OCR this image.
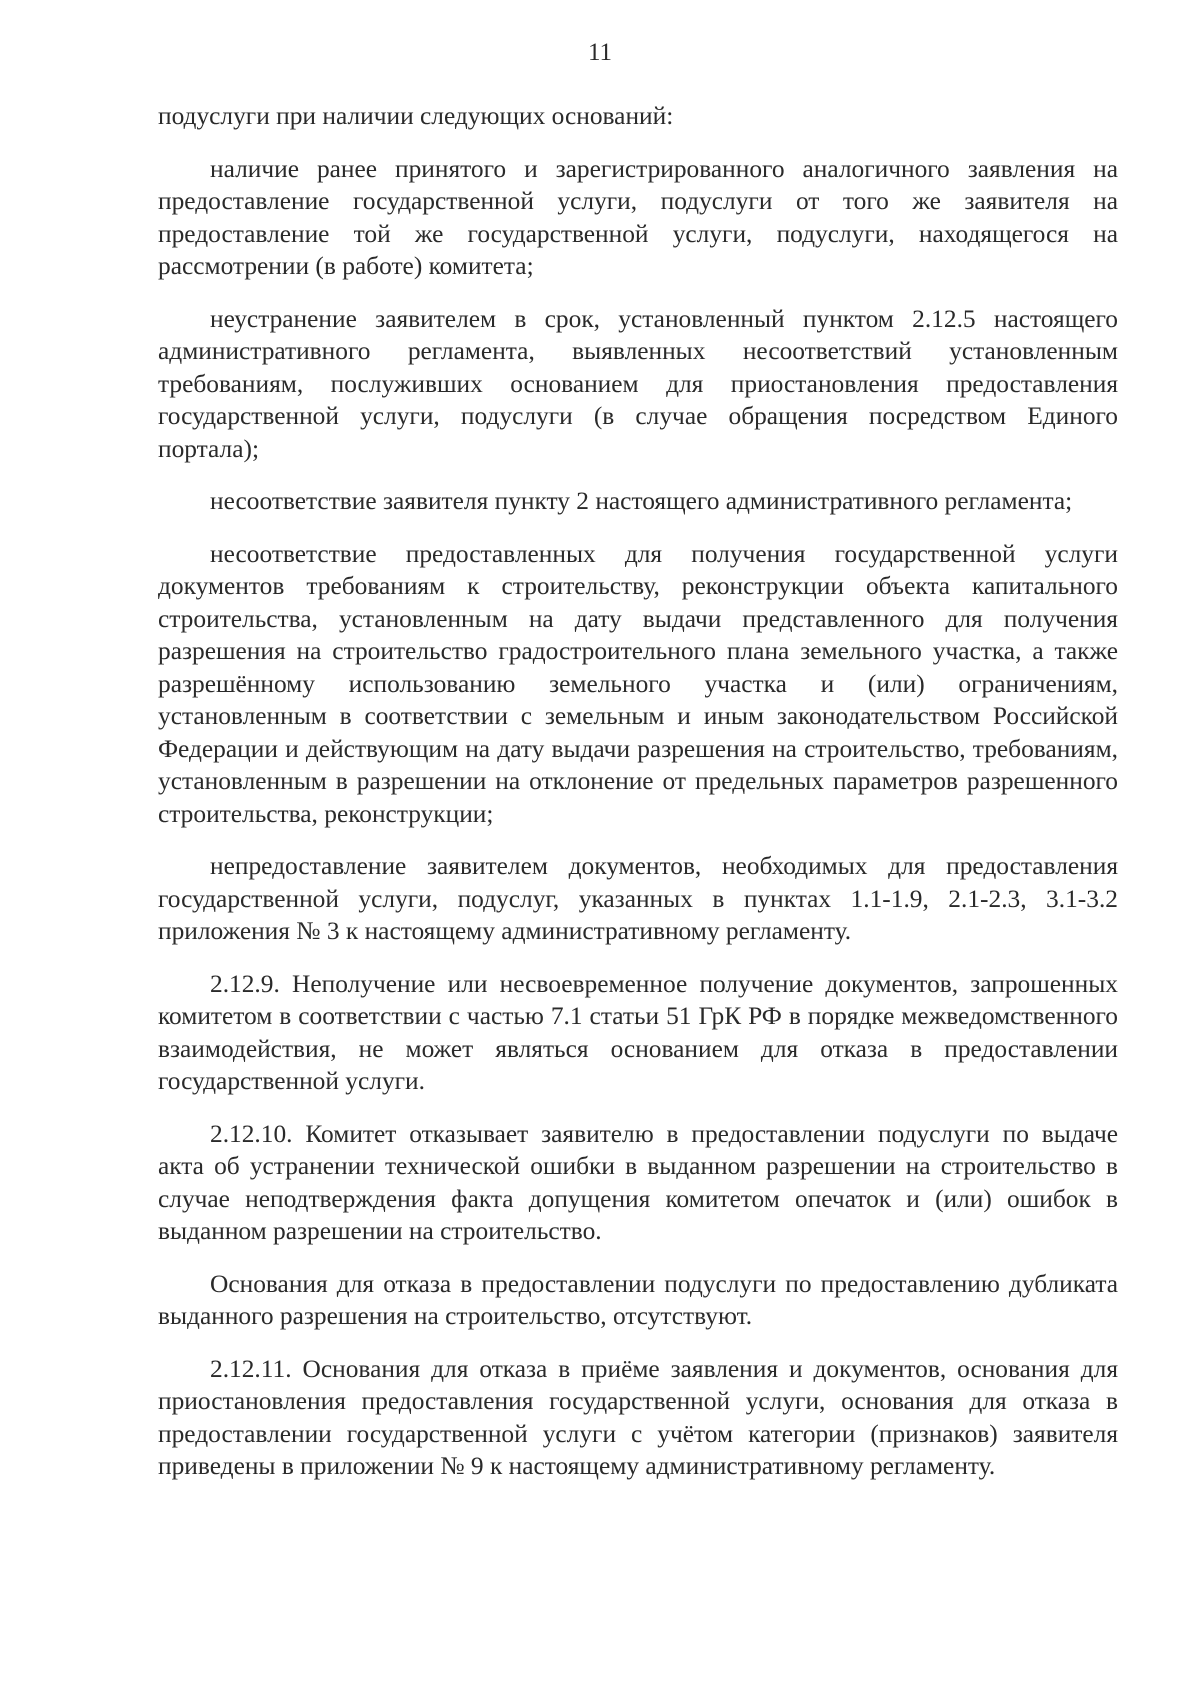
11

подуслуги при наличии следующих оснований:

наличие ранее принятого и зарегистрированного аналогичного заявления на предоставление государственной услуги, подуслуги от того же заявителя на предоставление той же государственной услуги, подуслуги, находящегося на рассмотрении (в работе) комитета;

неустранение заявителем в срок, установленный пунктом 2.12.5 настоящего административного регламента, выявленных несоответствий установленным требованиям, послуживших основанием для приостановления предоставления государственной услуги, подуслуги (в случае обращения посредством Единого портала);

несоответствие заявителя пункту 2 настоящего административного регламента;

несоответствие предоставленных для получения государственной услуги документов требованиям к строительству, реконструкции объекта капитального строительства, установленным на дату выдачи представленного для получения разрешения на строительство градостроительного плана земельного участка, а также разрешённому использованию земельного участка и (или) ограничениям, установленным в соответствии с земельным и иным законодательством Российской Федерации и действующим на дату выдачи разрешения на строительство, требованиям, установленным в разрешении на отклонение от предельных параметров разрешенного строительства, реконструкции;

непредоставление заявителем документов, необходимых для предоставления государственной услуги, подуслуг, указанных в пунктах 1.1-1.9, 2.1-2.3, 3.1-3.2 приложения № 3 к настоящему административному регламенту.

2.12.9. Неполучение или несвоевременное получение документов, запрошенных комитетом в соответствии с частью 7.1 статьи 51 ГрК РФ в порядке межведомственного взаимодействия, не может являться основанием для отказа в предоставлении государственной услуги.

2.12.10. Комитет отказывает заявителю в предоставлении подуслуги по выдаче акта об устранении технической ошибки в выданном разрешении на строительство в случае неподтверждения факта допущения комитетом опечаток и (или) ошибок в выданном разрешении на строительство.

Основания для отказа в предоставлении подуслуги по предоставлению дубликата выданного разрешения на строительство, отсутствуют.

2.12.11. Основания для отказа в приёме заявления и документов, основания для приостановления предоставления государственной услуги, основания для отказа в предоставлении государственной услуги с учётом категории (признаков) заявителя приведены в приложении № 9 к настоящему административному регламенту.
